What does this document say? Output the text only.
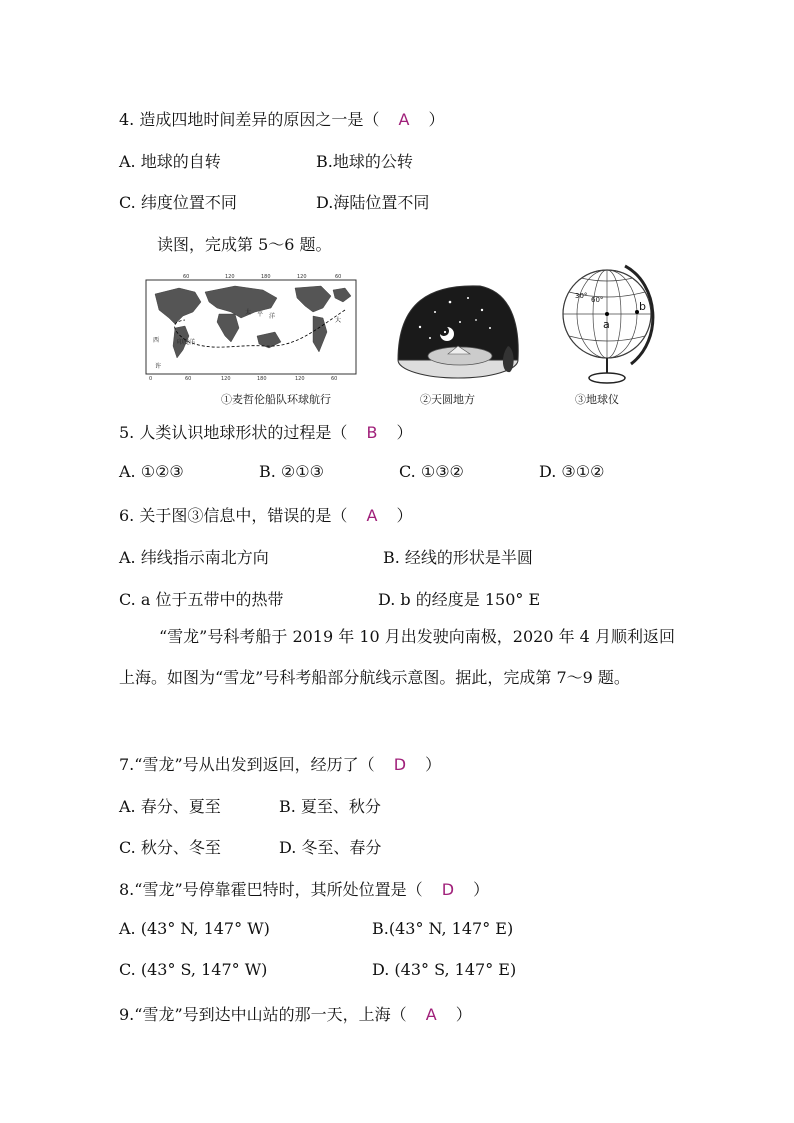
4. 造成四地时间差异的原因之一是（ A ）
A. 地球的自转	B.地球的公转
C. 纬度位置不同	D.海陆位置不同
读图，完成第 5～6 题。
60	120	180	120	60
0	60	120	180	120	60
太 平 洋
大
印度洋
西
许
①麦哲伦船队环球航行	②天圆地方
30° 60°
a
b
③地球仪
5. 人类认识地球形状的过程是（ B ）
A. ①②③	B. ②①③	C. ①③②	D. ③①②
6. 关于图③信息中，错误的是（ A ）
A. 纬线指示南北方向	B. 经线的形状是半圆
C. a 位于五带中的热带	D. b 的经度是 150° E
“雪龙”号科考船于 2019 年 10 月出发驶向南极，2020 年 4 月顺利返回上海。如图为“雪龙”号科考船部分航线示意图。据此，完成第 7～9 题。
7.“雪龙”号从出发到返回，经历了（ D ）
A. 春分、夏至	B. 夏至、秋分
C. 秋分、冬至	D. 冬至、春分
8.“雪龙”号停靠霍巴特时，其所处位置是（ D ）
A. (43° N, 147° W)	B.(43° N, 147° E)
C. (43° S, 147° W)	D. (43° S, 147° E)
9.“雪龙”号到达中山站的那一天，上海（ A ）
